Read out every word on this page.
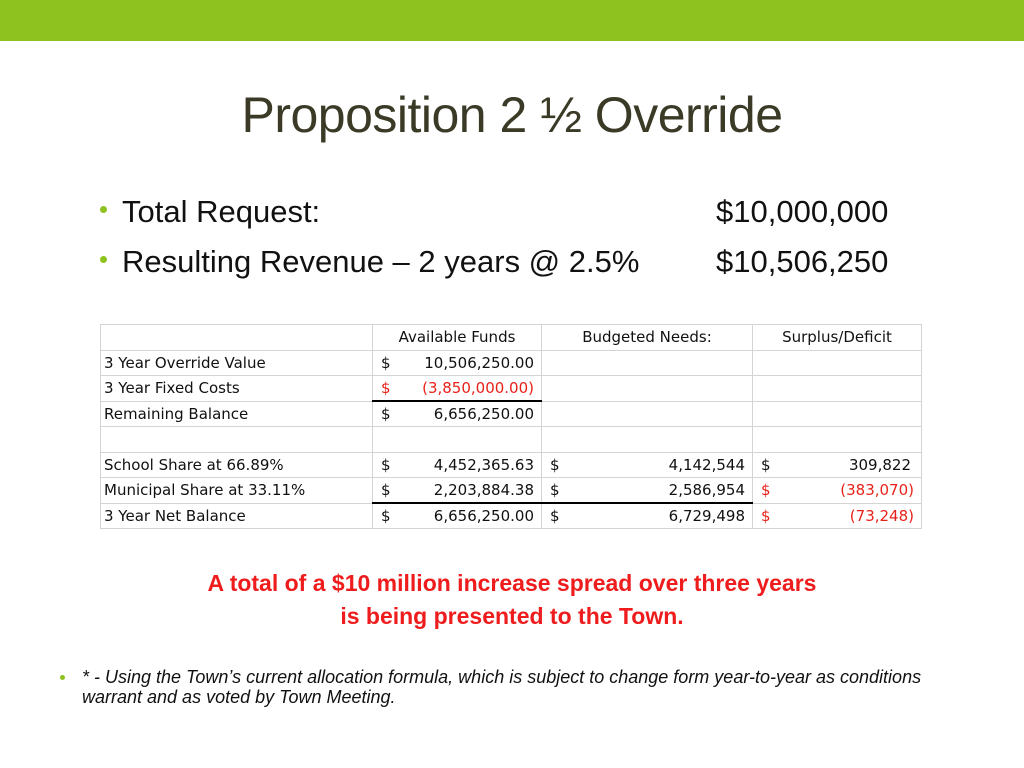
Proposition 2 ½ Override
Total Request:	$10,000,000
Resulting Revenue – 2 years @ 2.5% $10,506,250
	Available Funds	Budgeted Needs:	Surplus/Deficit
3 Year Override Value	$ 10,506,250.00		

3 Year Fixed Costs	$ (3,850,000.00)		

Remaining Balance	$ 6,656,250.00		

School Share at 66.89%	$ 4,452,365.63	$ 4,142,544	$ 309,822

Municipal Share at 33.11%	$ 2,203,884.38	$ 2,586,954	$ (383,070)

3 Year Net Balance	$ 6,656,250.00	$ 6,729,498	$ (73,248)
A total of a $10 million increase spread over three years
is being presented to the Town.
* - Using the Town’s current allocation formula, which is subject to change form year-to-year as conditions warrant and as voted by Town Meeting.
